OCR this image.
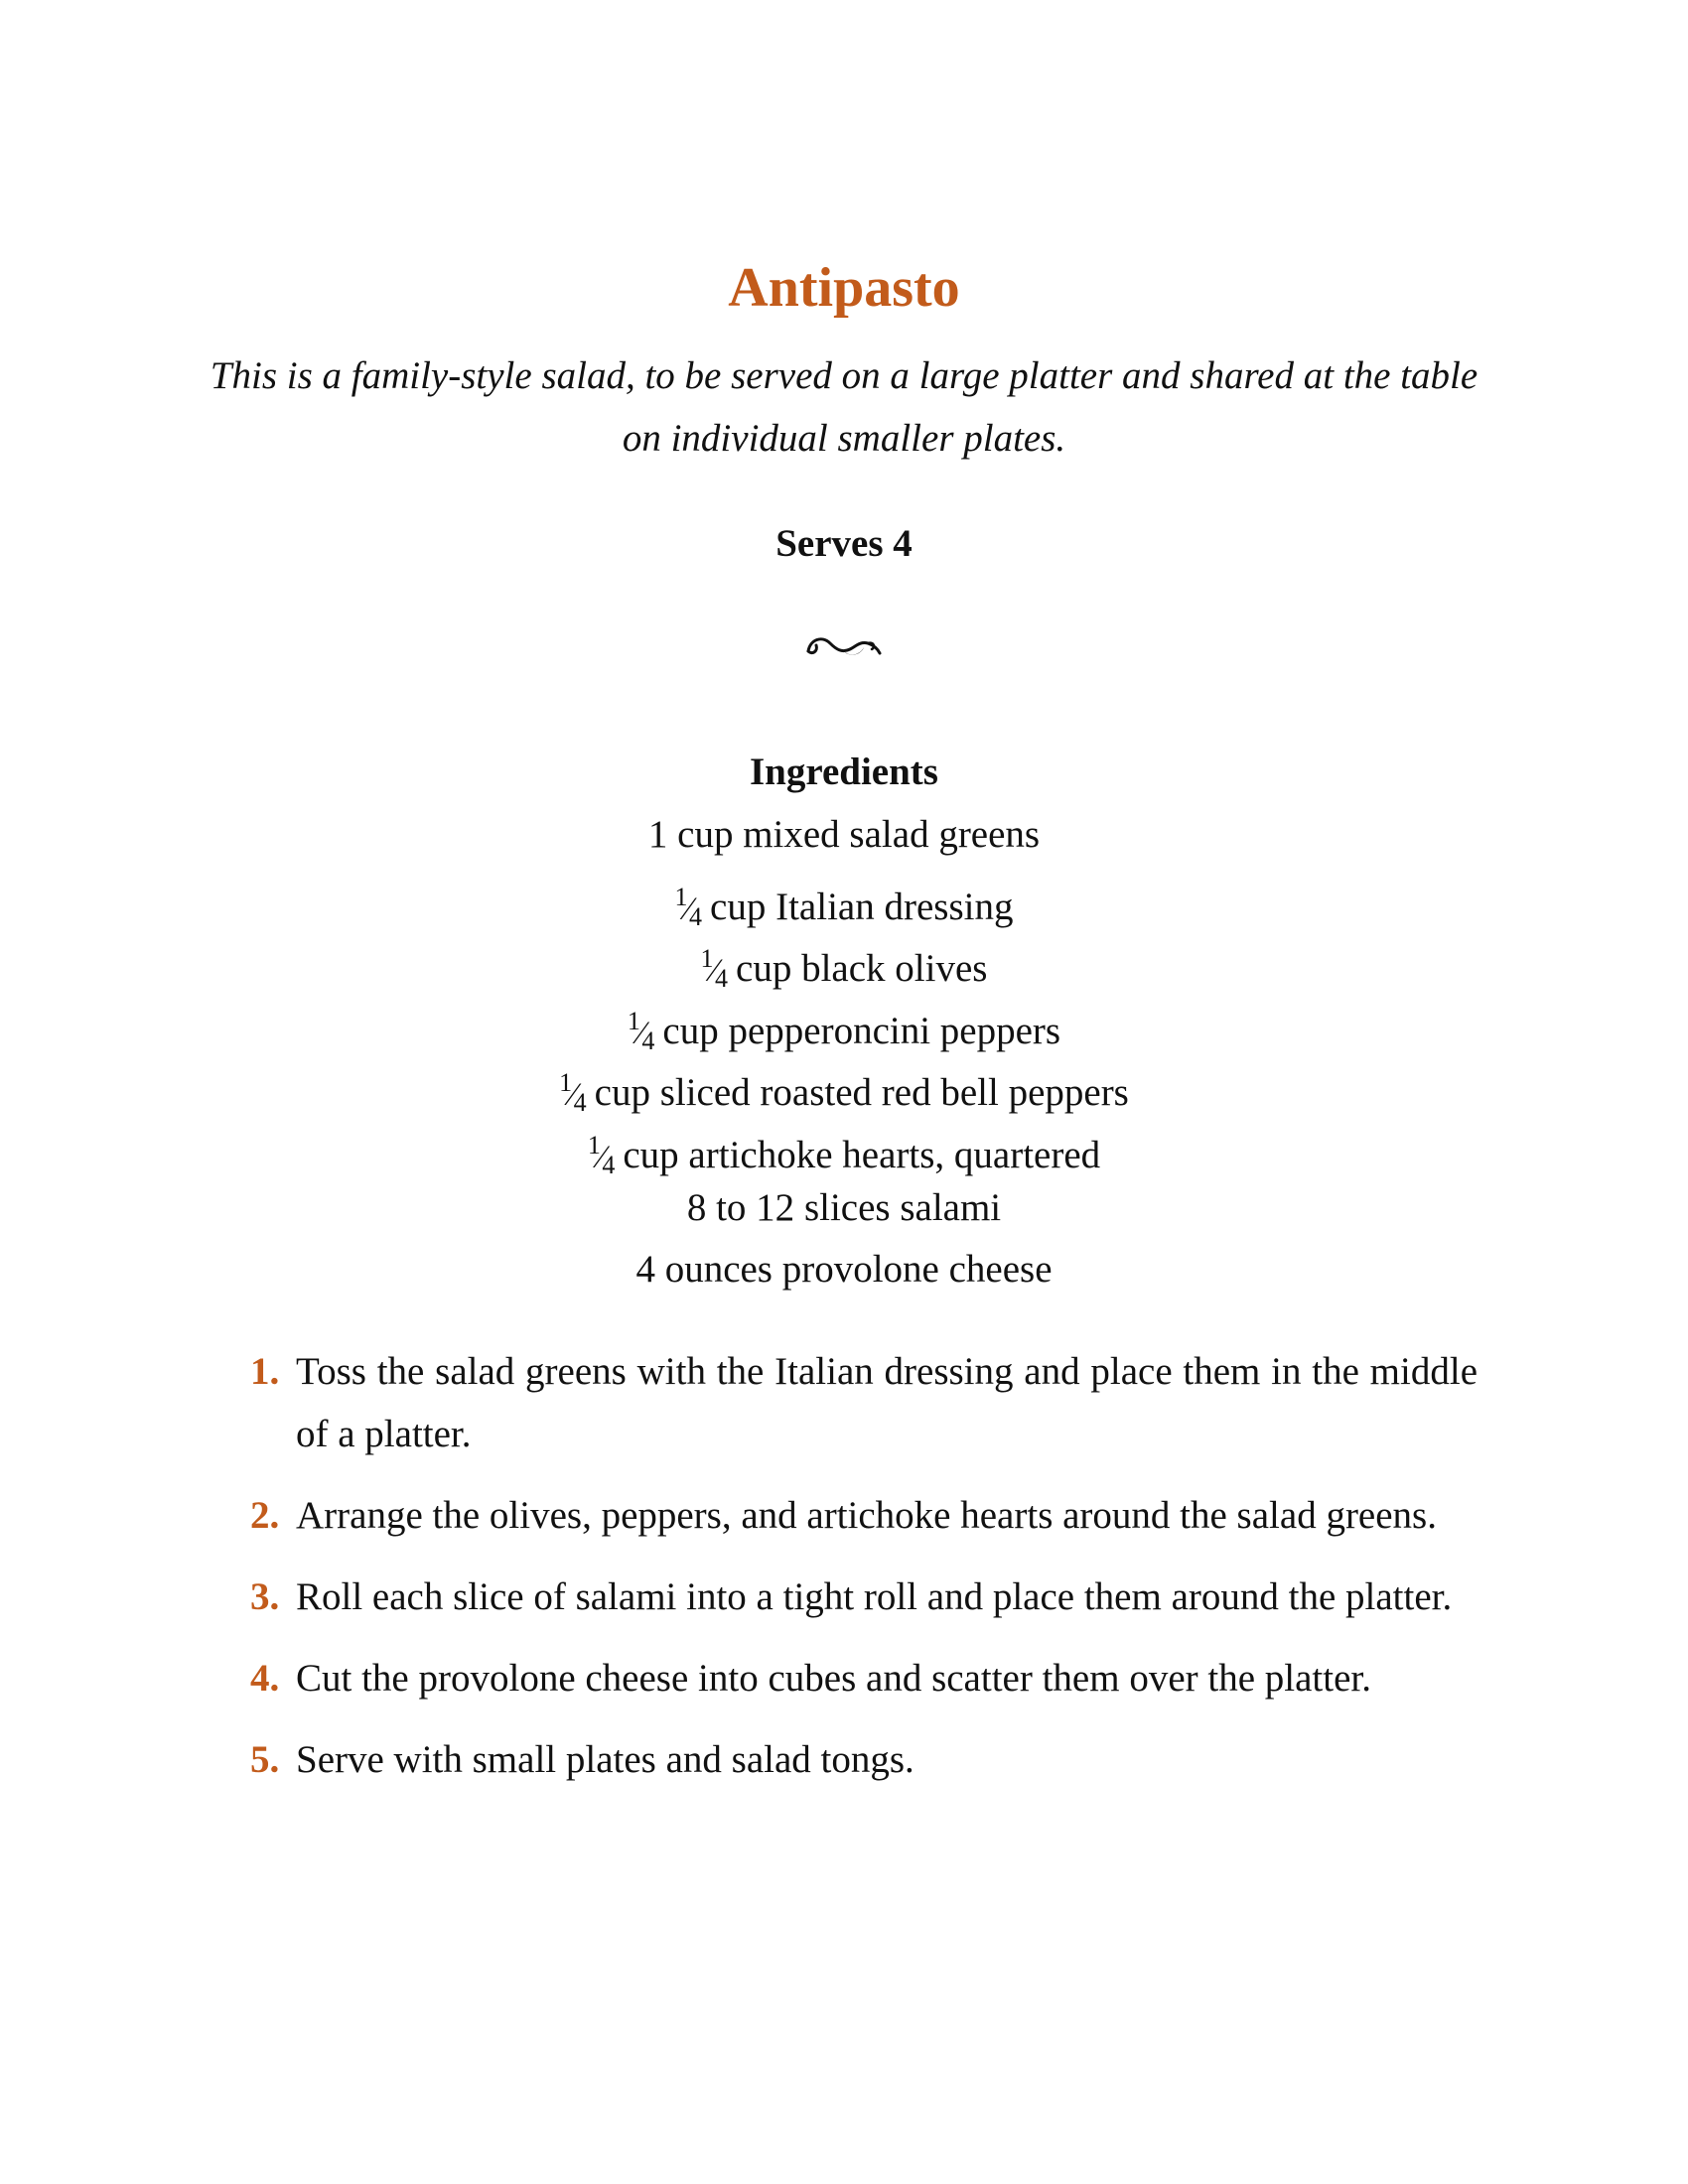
Antipasto

This is a family-style salad, to be served on a large platter and shared at the table on individual smaller plates.

Serves 4

Ingredients
1 cup mixed salad greens
$^1$⁄4 cup Italian dressing
$^1$⁄4 cup black olives
$^1$⁄4 cup pepperoncini peppers
$^1$⁄4 cup sliced roasted red bell peppers
$^1$⁄4 cup artichoke hearts, quartered
8 to 12 slices salami
4 ounces provolone cheese
1. Toss the salad greens with the Italian dressing and place them in the middle of a platter.
2. Arrange the olives, peppers, and artichoke hearts around the salad greens.
3. Roll each slice of salami into a tight roll and place them around the platter.
4. Cut the provolone cheese into cubes and scatter them over the platter.
5. Serve with small plates and salad tongs.
